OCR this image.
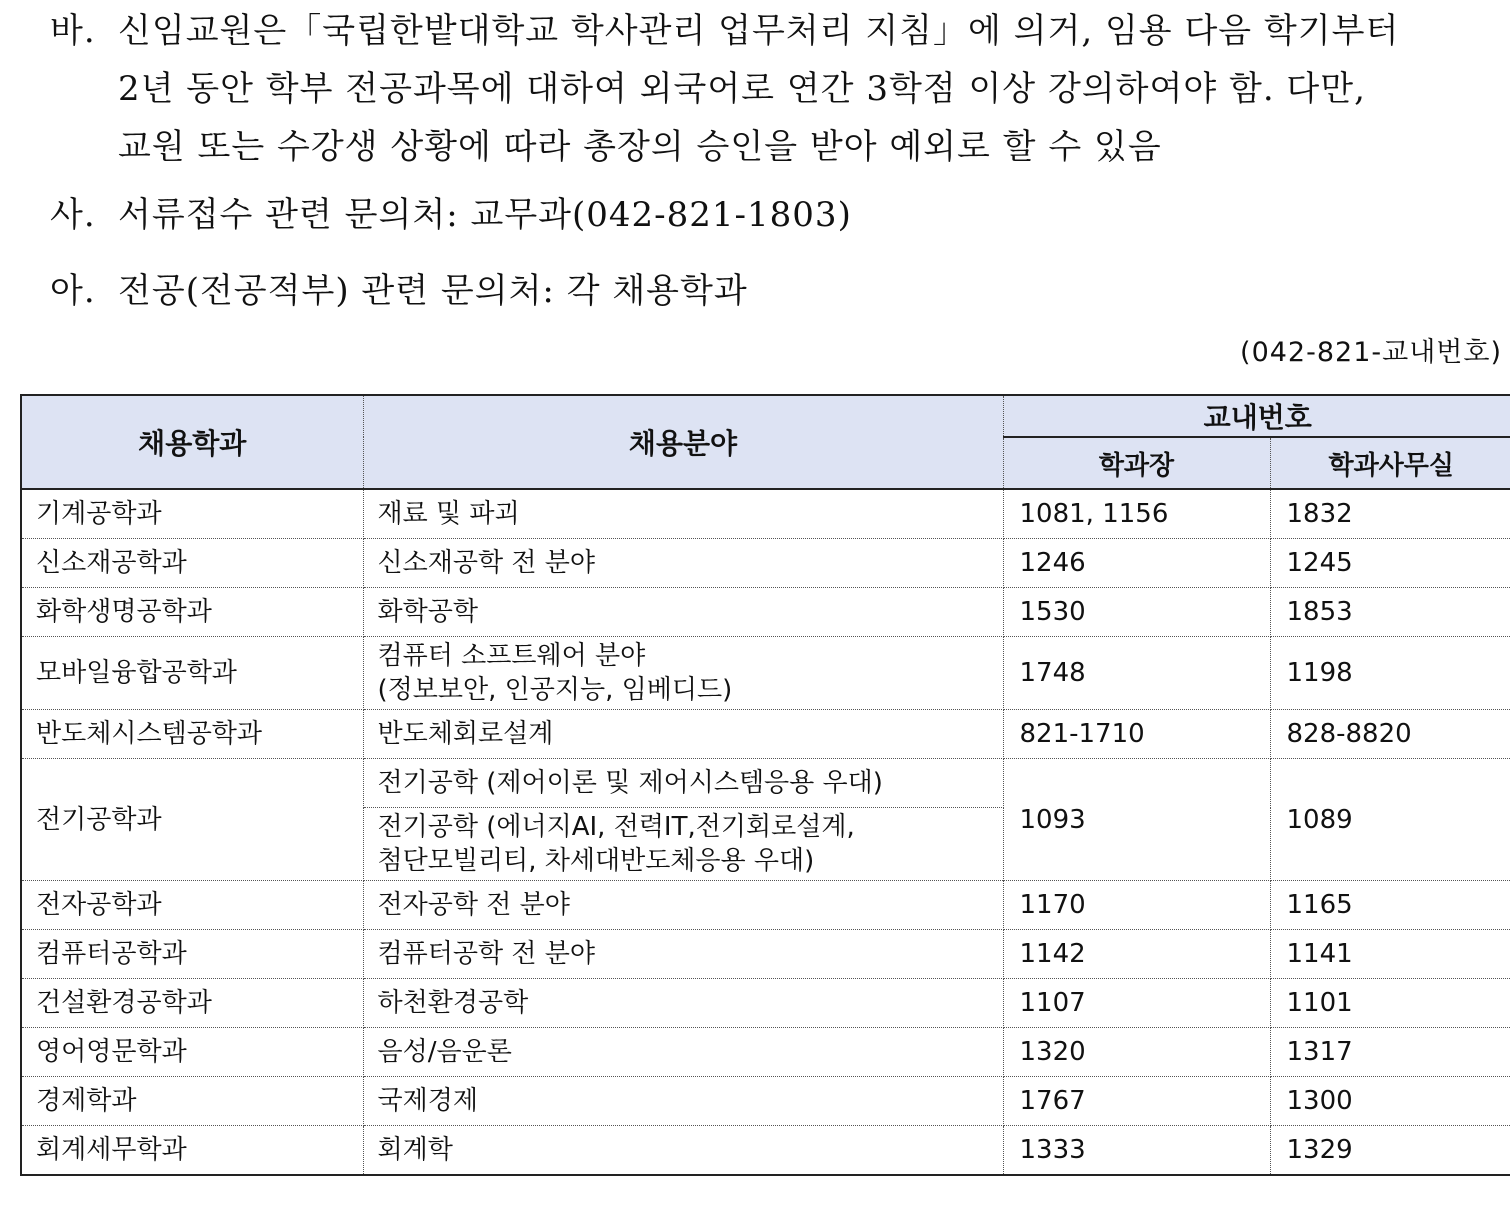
바. 신임교원은「국립한밭대학교 학사관리 업무처리 지침」에 의거, 임용 다음 학기부터
2년 동안 학부 전공과목에 대하여 외국어로 연간 3학점 이상 강의하여야 함. 다만,
교원 또는 수강생 상황에 따라 총장의 승인을 받아 예외로 할 수 있음
사. 서류접수 관련 문의처: 교무과(042-821-1803)
아. 전공(전공적부) 관련 문의처: 각 채용학과
(042-821-교내번호)
채용학과	채용분야	교내번호	
		학과장	학과사무실
기계공학과	재료 및 파괴	1081, 1156	1832
신소재공학과	신소재공학 전 분야	1246	1245
화학생명공학과	화학공학	1530	1853
모바일융합공학과	컴퓨터 소프트웨어 분야
(정보보안, 인공지능, 임베디드)	1748	1198
반도체시스템공학과	반도체회로설계	821-1710	828-8820
전기공학과	전기공학 (제어이론 및 제어시스템응용 우대)	1093	1089

	전기공학 (에너지AI, 전력IT,전기회로설계,
첨단모빌리티, 차세대반도체응용 우대)		

전자공학과	전자공학 전 분야	1170	1165
컴퓨터공학과	컴퓨터공학 전 분야	1142	1141
건설환경공학과	하천환경공학	1107	1101
영어영문학과	음성/음운론	1320	1317
경제학과	국제경제	1767	1300
회계세무학과	회계학	1333	1329
